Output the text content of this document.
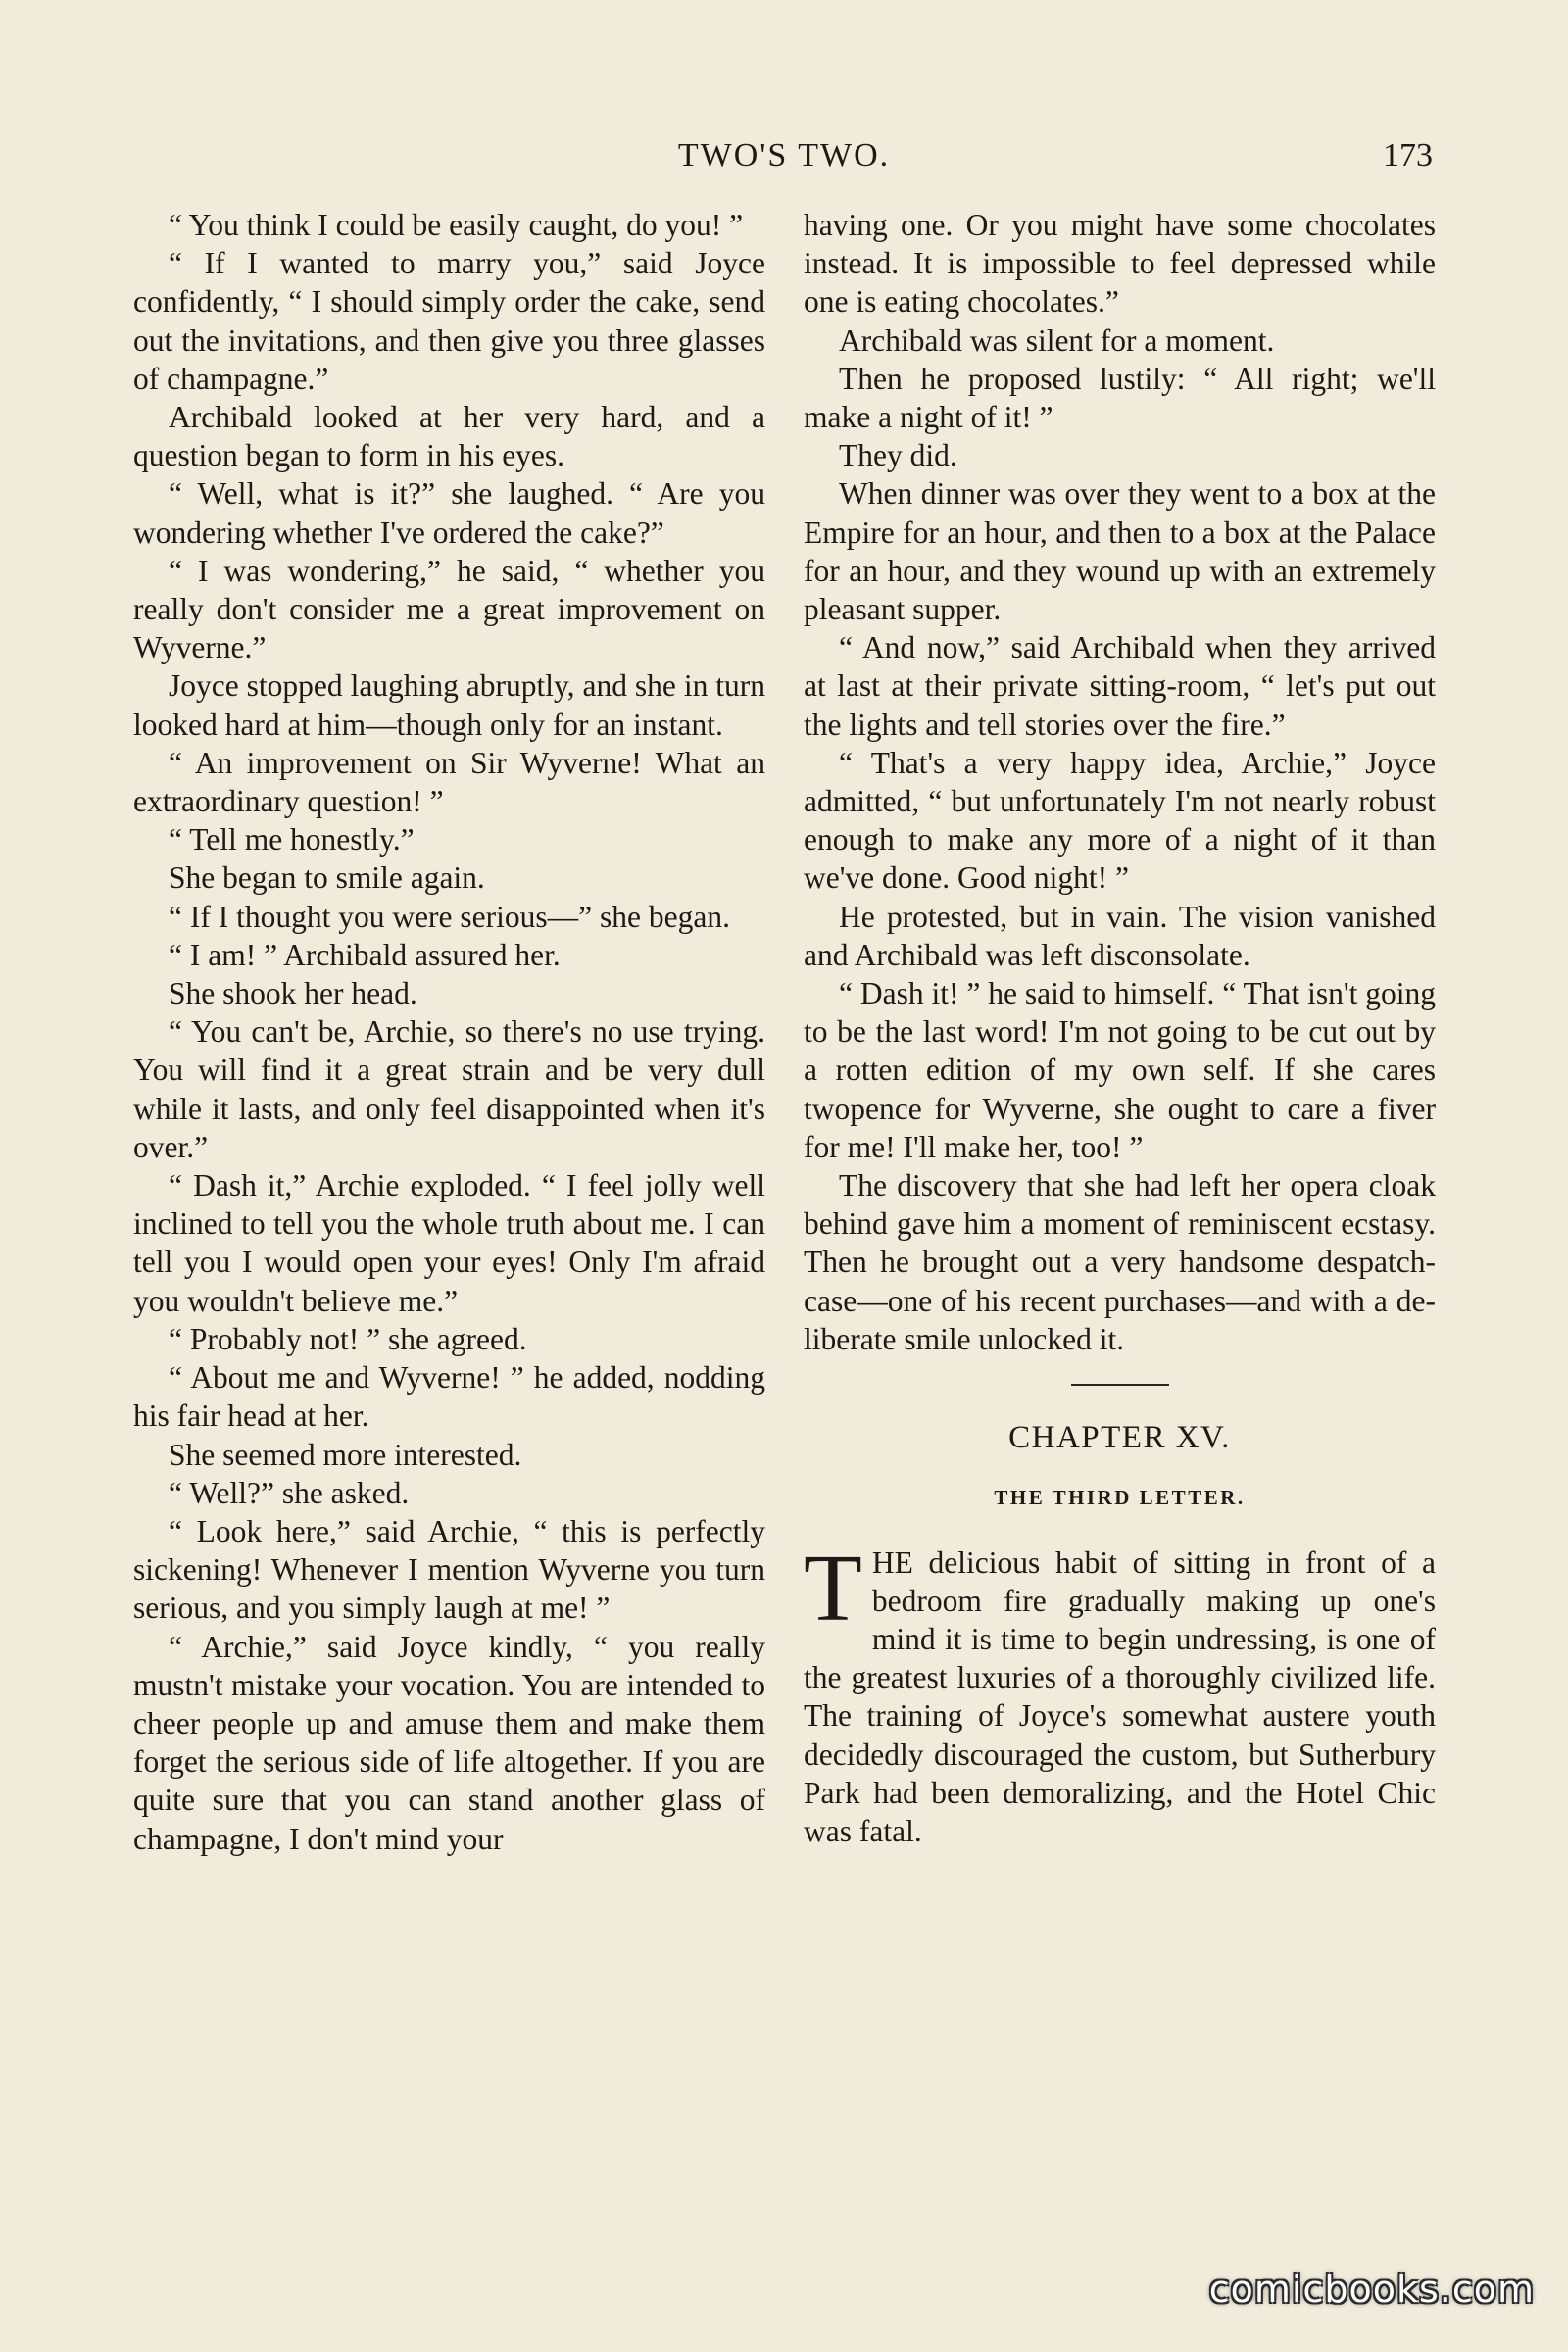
TWO'S TWO.	173

“ You think I could be easily caught, do you! ”

“ If I wanted to marry you,” said Joyce confidently, “ I should simply order the cake, send out the invitations, and then give you three glasses of champagne.”

Archibald looked at her very hard, and a question began to form in his eyes.

“ Well, what is it?” she laughed. “ Are you wondering whether I've ordered the cake?”

“ I was wondering,” he said, “ whether you really don't consider me a great improvement on Wyverne.”

Joyce stopped laughing abruptly, and she in turn looked hard at him—though only for an instant.

“ An improvement on Sir Wyverne! What an extraordinary question! ”

“ Tell me honestly.”

She began to smile again.

“ If I thought you were serious—” she began.

“ I am! ” Archibald assured her.

She shook her head.

“ You can't be, Archie, so there's no use trying. You will find it a great strain and be very dull while it lasts, and only feel disappointed when it's over.”

“ Dash it,” Archie exploded. “ I feel jolly well inclined to tell you the whole truth about me. I can tell you I would open your eyes! Only I'm afraid you wouldn't believe me.”

“ Probably not! ” she agreed.

“ About me and Wyverne! ” he added, nodding his fair head at her.

She seemed more interested.

“ Well?” she asked.

“ Look here,” said Archie, “ this is perfectly sickening! Whenever I mention Wyverne you turn serious, and you simply laugh at me! ”

“ Archie,” said Joyce kindly, “ you really mustn't mistake your vocation. You are intended to cheer people up and amuse them and make them forget the serious side of life altogether. If you are quite sure that you can stand another glass of champagne, I don't mind your

having one. Or you might have some chocolates instead. It is impossible to feel depressed while one is eating chocolates.”

Archibald was silent for a moment.

Then he proposed lustily: “ All right; we'll make a night of it! ”

They did.

When dinner was over they went to a box at the Empire for an hour, and then to a box at the Palace for an hour, and they wound up with an extremely pleasant supper.

“ And now,” said Archibald when they arrived at last at their private sitting-room, “ let's put out the lights and tell stories over the fire.”

“ That's a very happy idea, Archie,” Joyce admitted, “ but unfortunately I'm not nearly robust enough to make any more of a night of it than we've done. Good night! ”

He protested, but in vain. The vision vanished and Archibald was left disconsolate.

“ Dash it! ” he said to himself. “ That isn't going to be the last word! I'm not going to be cut out by a rotten edition of my own self. If she cares twopence for Wyverne, she ought to care a fiver for me! I'll make her, too! ”

The discovery that she had left her opera cloak behind gave him a moment of reminiscent ecstasy. Then he brought out a very handsome despatch-case—one of his recent purchases—and with a deliberate smile unlocked it.

CHAPTER XV.
THE THIRD LETTER.

THE delicious habit of sitting in front of a bedroom fire gradually making up one's mind it is time to begin undressing, is one of the greatest luxuries of a thoroughly civilized life. The training of Joyce's somewhat austere youth decidedly discouraged the custom, but Sutherbury Park had been demoralizing, and the Hotel Chic was fatal.

comicbooks.com
